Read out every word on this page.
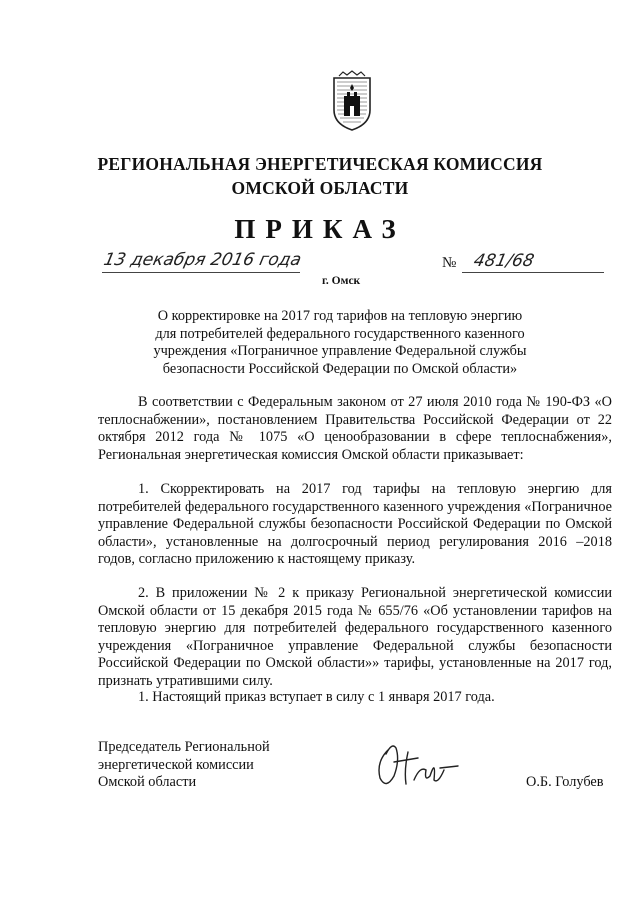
РЕГИОНАЛЬНАЯ ЭНЕРГЕТИЧЕСКАЯ КОМИССИЯ
ОМСКОЙ ОБЛАСТИ
ПРИКАЗ
13 декабря 2016 года
г. Омск
№ 481/68
О корректировке на 2017 год тарифов на тепловую энергию
для потребителей федерального государственного казенного
учреждения «Пограничное управление Федеральной службы
безопасности Российской Федерации по Омской области»
В соответствии с Федеральным законом от 27 июля 2010 года № 190-ФЗ «О теплоснабжении», постановлением Правительства Российской Федерации от 22 октября 2012 года № 1075 «О ценообразовании в сфере теплоснабжения», Региональная энергетическая комиссия Омской области приказывает:
1. Скорректировать на 2017 год тарифы на тепловую энергию для потребителей федерального государственного казенного учреждения «Пограничное управление Федеральной службы безопасности Российской Федерации по Омской области», установленные на долгосрочный период регулирования 2016 –2018 годов, согласно приложению к настоящему приказу.
2. В приложении № 2 к приказу Региональной энергетической комиссии Омской области от 15 декабря 2015 года № 655/76 «Об установлении тарифов на тепловую энергию для потребителей федерального государственного казенного учреждения «Пограничное управление Федеральной службы безопасности Российской Федерации по Омской области»» тарифы, установленные на 2017 год, признать утратившими силу.
1. Настоящий приказ вступает в силу с 1 января 2017 года.
Председатель Региональной
энергетической комиссии
Омской области	О.Б. Голубев
